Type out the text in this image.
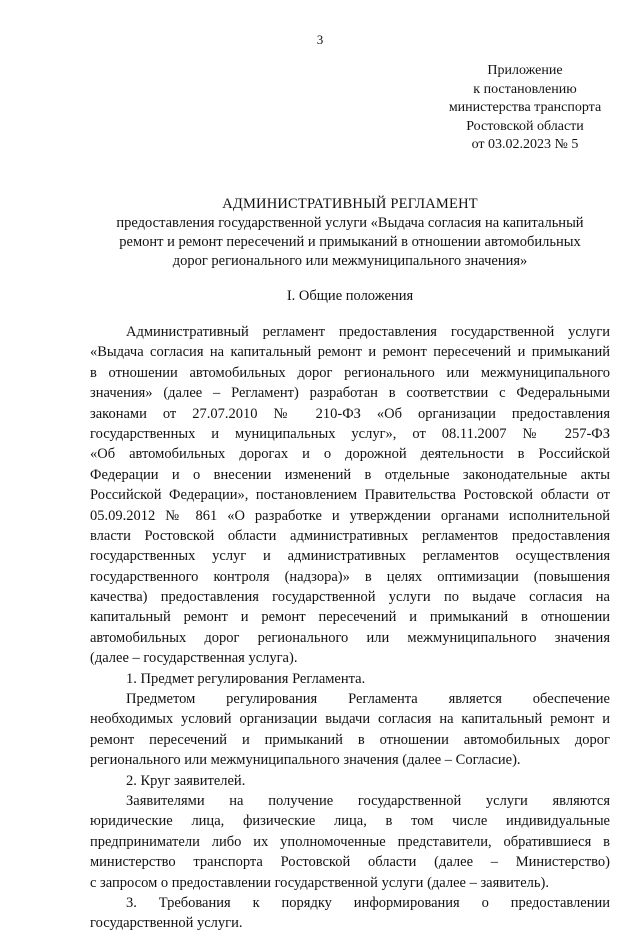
3
Приложение
к постановлению
министерства транспорта
Ростовской области
от 03.02.2023 № 5
АДМИНИСТРАТИВНЫЙ РЕГЛАМЕНТ
предоставления государственной услуги «Выдача согласия на капитальный
ремонт и ремонт пересечений и примыканий в отношении автомобильных
дорог регионального или межмуниципального значения»
I. Общие положения
Административный регламент предоставления государственной услуги
«Выдача согласия на капитальный ремонт и ремонт пересечений и примыканий
в отношении автомобильных дорог регионального или межмуниципального
значения» (далее – Регламент) разработан в соответствии с Федеральными
законами от 27.07.2010 № 210-ФЗ «Об организации предоставления
государственных и муниципальных услуг», от 08.11.2007 № 257-ФЗ
«Об автомобильных дорогах и о дорожной деятельности в Российской
Федерации и о внесении изменений в отдельные законодательные акты
Российской Федерации», постановлением Правительства Ростовской области от
05.09.2012 № 861 «О разработке и утверждении органами исполнительной
власти Ростовской области административных регламентов предоставления
государственных услуг и административных регламентов осуществления
государственного контроля (надзора)» в целях оптимизации (повышения
качества) предоставления государственной услуги по выдаче согласия на
капитальный ремонт и ремонт пересечений и примыканий в отношении
автомобильных дорог регионального или межмуниципального значения
(далее – государственная услуга).
1. Предмет регулирования Регламента.
Предметом регулирования Регламента является обеспечение
необходимых условий организации выдачи согласия на капитальный ремонт и
ремонт пересечений и примыканий в отношении автомобильных дорог
регионального или межмуниципального значения (далее – Согласие).
2. Круг заявителей.
Заявителями на получение государственной услуги являются
юридические лица, физические лица, в том числе индивидуальные
предприниматели либо их уполномоченные представители, обратившиеся в
министерство транспорта Ростовской области (далее – Министерство)
с запросом о предоставлении государственной услуги (далее – заявитель).
3. Требования к порядку информирования о предоставлении
государственной услуги.
